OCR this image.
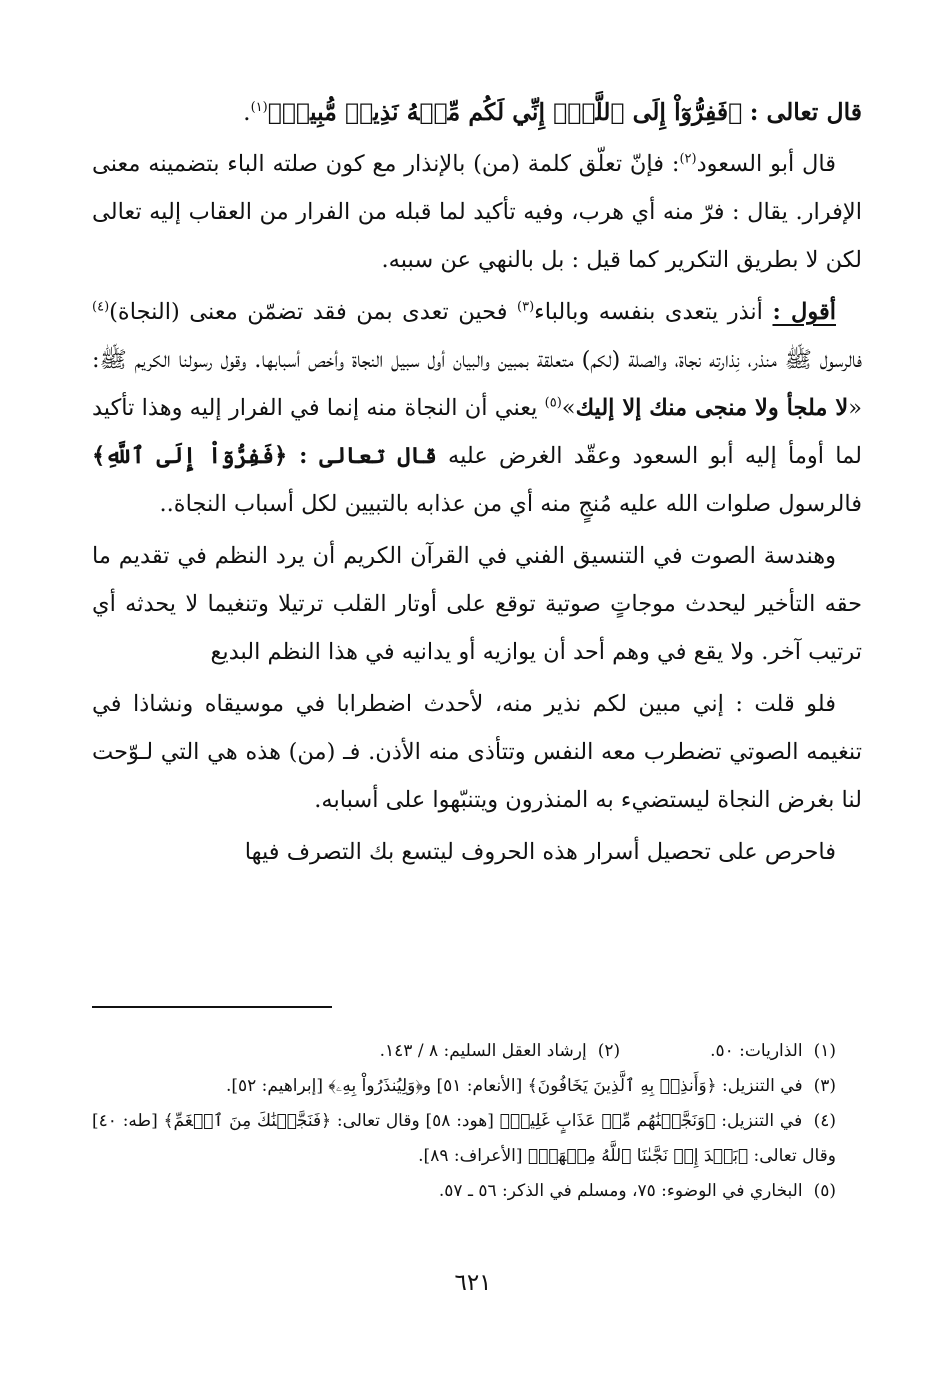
قال تعالى : ﴿فَفِرُّوٓاْ إِلَى ٱللَّهِۖ إِنِّي لَكُم مِّنۡهُ نَذِيرٞ مُّبِينٞ﴾$^{(١)}$.

قال أبو السعود$^{(٢)}$: فإنّ تعلّق كلمة (من) بالإنذار مع كون صلته الباء بتضمينه معنى الإفرار. يقال : فرّ منه أي هرب، وفيه تأكيد لما قبله من الفرار من العقاب إليه تعالى لكن لا بطريق التكرير كما قيل : بل بالنهي عن سببه.

أقول : أنذر يتعدى بنفسه وبالباء$^{(٣)}$ فحين تعدى بمن فقد تضمّن معنى (النجاة)$^{(٤)}$ فالرسول ﷺ منذر، نِذارته نجاة، والصلة (لكم) متعلقة بمبين والبيان أول سبيل النجاة وأخص أسبابها. وقول رسولنا الكريم ﷺ: «لا ملجأ ولا منجى منك إلا إليك»$^{(٥)}$ يعني أن النجاة منه إنما في الفرار إليه وهذا تأكيد لما أومأ إليه أبو السعود وعقّد الغرض عليه قال تعالى : ﴿فَفِرُّوٓاْ إِلَى ٱللَّهِ﴾ فالرسول صلوات الله عليه مُنجٍ منه أي من عذابه بالتبيين لكل أسباب النجاة..

وهندسة الصوت في التنسيق الفني في القرآن الكريم أن يرد النظم في تقديم ما حقه التأخير ليحدث موجاتٍ صوتية توقع على أوتار القلب ترتيلا وتنغيما لا يحدثه أي ترتيب آخر. ولا يقع في وهم أحد أن يوازيه أو يدانيه في هذا النظم البديع

فلو قلت : إني مبين لكم نذير منه، لأحدث اضطرابا في موسيقاه ونشاذا في تنغيمه الصوتي تضطرب معه النفس وتتأذى منه الأذن. فـ (من) هذه هي التي لـوّحت لنا بغرض النجاة ليستضيء به المنذرون ويتنبّهوا على أسبابه.

فاحرص على تحصيل أسرار هذه الحروف ليتسع بك التصرف فيها

(١) الذاريات: ٥٠.

(٢) إرشاد العقل السليم: ٨ / ١٤٣.

(٣) في التنزيل: ﴿وَأَنذِرۡ بِهِ ٱلَّذِينَ يَخَافُونَ﴾ [الأنعام: ٥١] و﴿وَلِيُنذَرُواْ بِهِۦ﴾ [إبراهيم: ٥٢].

(٤) في التنزيل: ﴿وَنَجَّيۡنَٰهُم مِّنۡ عَذَابٍ غَلِيظٖ﴾ [هود: ٥٨] وقال تعالى: ﴿فَنَجَّيۡنَٰكَ مِنَ ٱلۡغَمِّ﴾ [طه: ٤٠] وقال تعالى: ﴿بَعۡدَ إِذۡ نَجَّىٰنَا ٱللَّهُ مِنۡهَاۚ﴾ [الأعراف: ٨٩].

(٥) البخاري في الوضوء: ٧٥، ومسلم في الذكر: ٥٦ ـ ٥٧.

٦٢١
